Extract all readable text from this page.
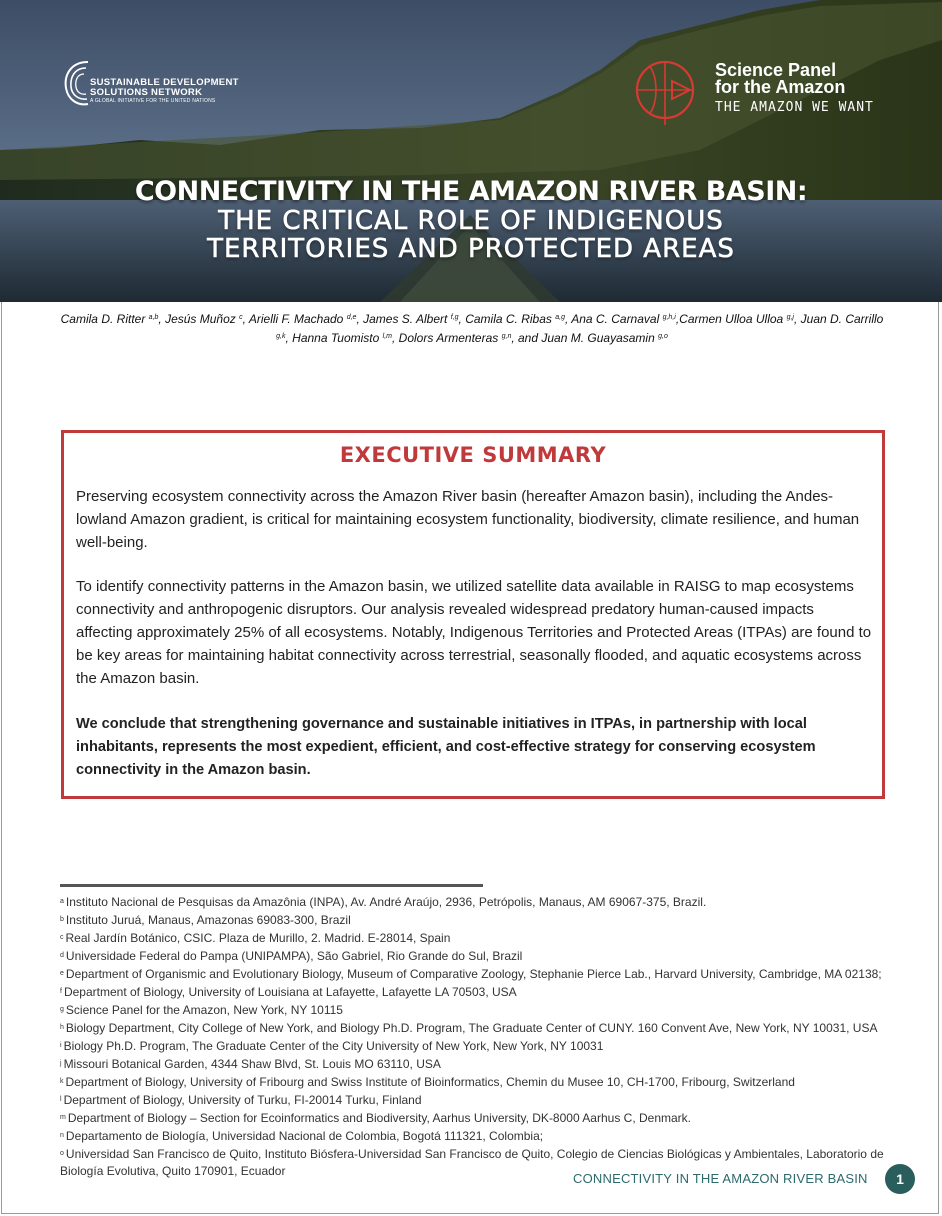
SUSTAINABLE DEVELOPMENT SOLUTIONS NETWORK
A GLOBAL INITIATIVE FOR THE UNITED NATIONS
Science Panel
for the Amazon
THE AMAZON WE WANT
CONNECTIVITY IN THE AMAZON RIVER BASIN:
THE CRITICAL ROLE OF INDIGENOUS
TERRITORIES AND PROTECTED AREAS
Camila D. Ritter $^{a,b}$, Jesús Muñoz $^c$, Arielli F. Machado $^{d,e}$, James S. Albert $^{f,g}$, Camila C. Ribas $^{a,g}$, Ana C. Carnaval $^{g,h,i}$,Carmen Ulloa Ulloa $^{g,j}$, Juan D. Carrillo $^{g,k}$, Hanna Tuomisto $^{l,m}$, Dolors Armenteras $^{g,n}$, and Juan M. Guayasamin $^{g,o}$
EXECUTIVE SUMMARY

Preserving ecosystem connectivity across the Amazon River basin (hereafter Amazon basin), including the Andes-lowland Amazon gradient, is critical for maintaining ecosystem functionality, biodiversity, climate resilience, and human well-being.

To identify connectivity patterns in the Amazon basin, we utilized satellite data available in RAISG to map ecosystems connectivity and anthropogenic disruptors. Our analysis revealed widespread predatory human-caused impacts affecting approximately 25% of all ecosystems. Notably, Indigenous Territories and Protected Areas (ITPAs) are found to be key areas for maintaining habitat connectivity across terrestrial, seasonally flooded, and aquatic ecosystems across the Amazon basin.

We conclude that strengthening governance and sustainable initiatives in ITPAs, in partnership with local inhabitants, represents the most expedient, efficient, and cost-effective strategy for conserving ecosystem connectivity in the Amazon basin.

$^a$ Instituto Nacional de Pesquisas da Amazônia (INPA), Av. André Araújo, 2936, Petrópolis, Manaus, AM 69067-375, Brazil.
$^b$ Instituto Juruá, Manaus, Amazonas 69083-300, Brazil
$^c$ Real Jardín Botánico, CSIC. Plaza de Murillo, 2. Madrid. E-28014, Spain
$^d$ Universidade Federal do Pampa (UNIPAMPA), São Gabriel, Rio Grande do Sul, Brazil
$^e$ Department of Organismic and Evolutionary Biology, Museum of Comparative Zoology, Stephanie Pierce Lab., Harvard University, Cambridge, MA 02138;
$^f$ Department of Biology, University of Louisiana at Lafayette, Lafayette LA 70503, USA
$^g$ Science Panel for the Amazon, New York, NY 10115
$^h$ Biology Department, City College of New York, and Biology Ph.D. Program, The Graduate Center of CUNY. 160 Convent Ave, New York, NY 10031, USA
$^i$ Biology Ph.D. Program, The Graduate Center of the City University of New York, New York, NY 10031
$^j$ Missouri Botanical Garden, 4344 Shaw Blvd, St. Louis MO 63110, USA
$^k$ Department of Biology, University of Fribourg and Swiss Institute of Bioinformatics, Chemin du Musee 10, CH-1700, Fribourg, Switzerland
$^l$ Department of Biology, University of Turku, FI-20014 Turku, Finland
$^m$ Department of Biology – Section for Ecoinformatics and Biodiversity, Aarhus University, DK-8000 Aarhus C, Denmark.
$^n$ Departamento de Biología, Universidad Nacional de Colombia, Bogotá 111321, Colombia;
$^o$ Universidad San Francisco de Quito, Instituto Biósfera-Universidad San Francisco de Quito, Colegio de Ciencias Biológicas y Ambientales, Laboratorio de Biología Evolutiva, Quito 170901, Ecuador	CONNECTIVITY IN THE AMAZON RIVER BASIN	1
